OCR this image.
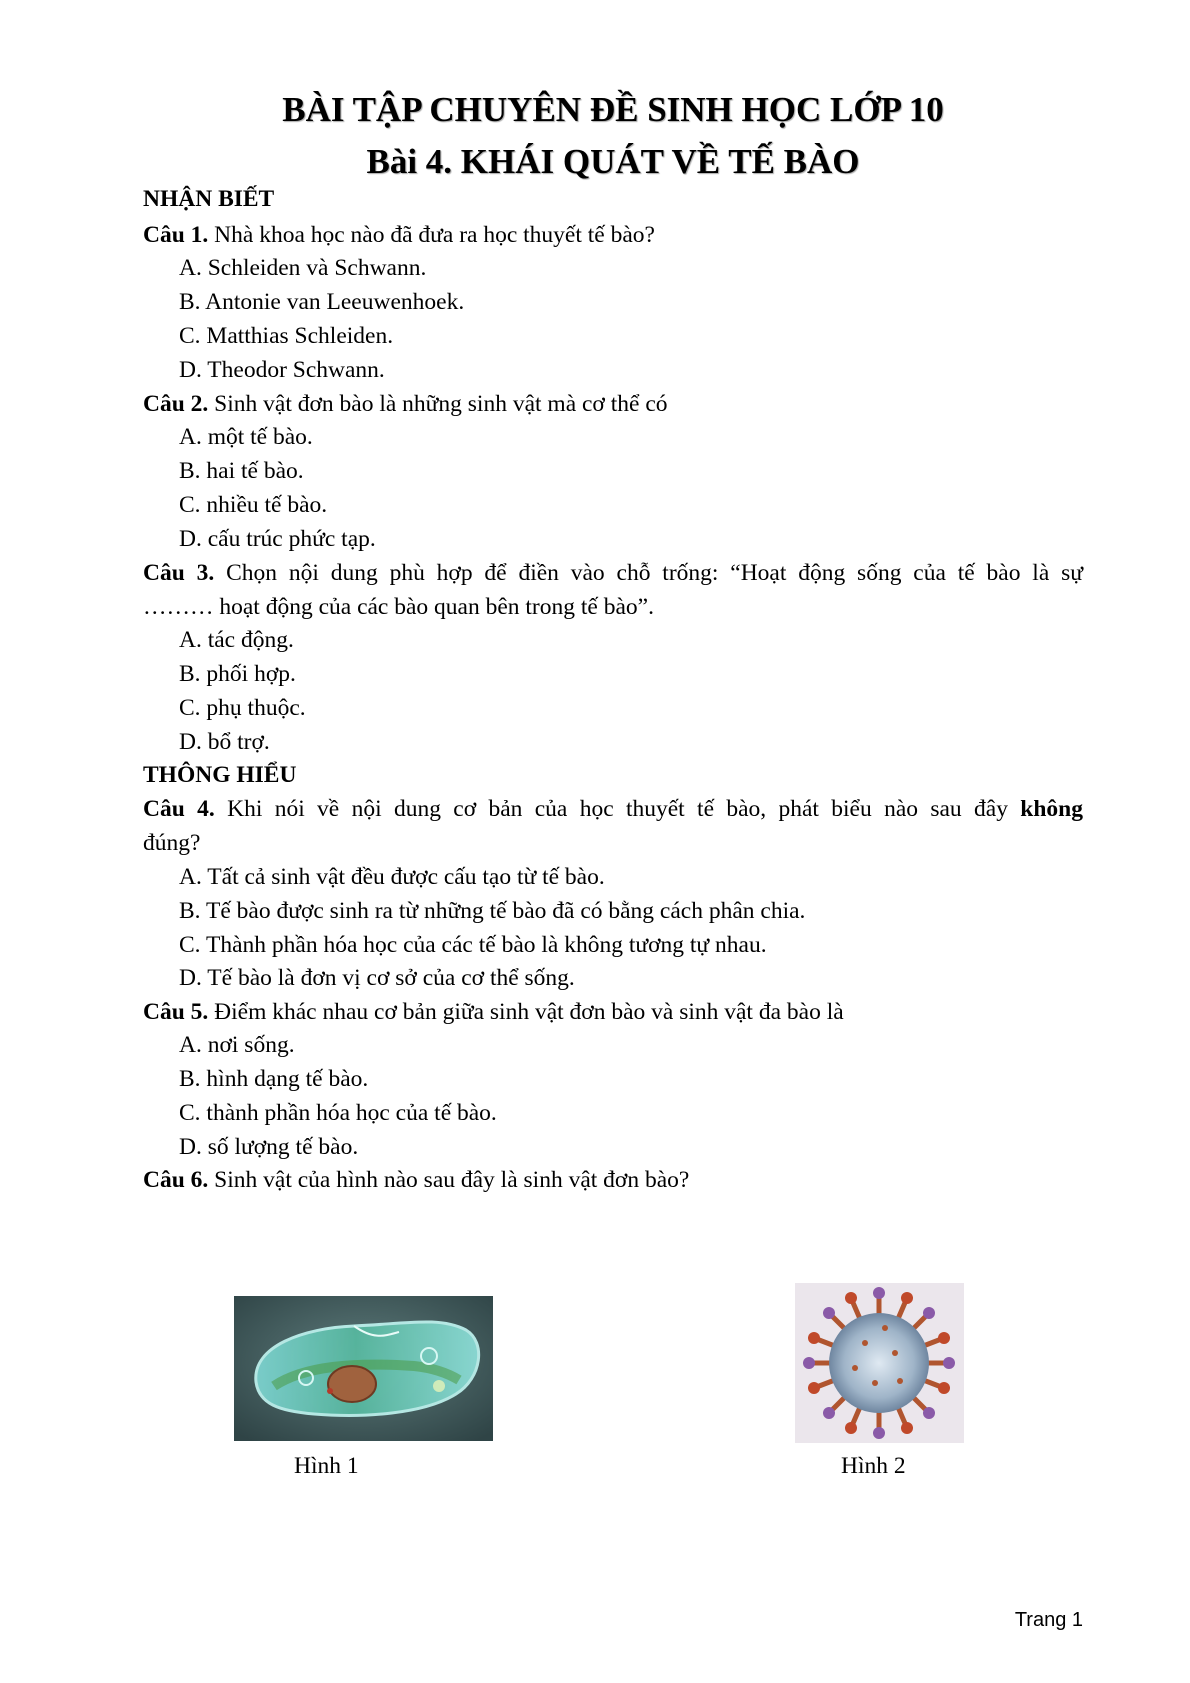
BÀI TẬP CHUYÊN ĐỀ SINH HỌC LỚP 10
Bài 4. KHÁI QUÁT VỀ TẾ BÀO
NHẬN BIẾT
Câu 1. Nhà khoa học nào đã đưa ra học thuyết tế bào?
A. Schleiden và Schwann.
B. Antonie van Leeuwenhoek.
C. Matthias Schleiden.
D. Theodor Schwann.
Câu 2. Sinh vật đơn bào là những sinh vật mà cơ thể có
A. một tế bào.
B. hai tế bào.
C. nhiều tế bào.
D. cấu trúc phức tạp.
Câu 3. Chọn nội dung phù hợp để điền vào chỗ trống: “Hoạt động sống của tế bào là sự
……… hoạt động của các bào quan bên trong tế bào”.
A. tác động.
B. phối hợp.
C. phụ thuộc.
D. bổ trợ.
THÔNG HIỂU
Câu 4. Khi nói về nội dung cơ bản của học thuyết tế bào, phát biểu nào sau đây không
đúng?
A. Tất cả sinh vật đều được cấu tạo từ tế bào.
B. Tế bào được sinh ra từ những tế bào đã có bằng cách phân chia.
C. Thành phần hóa học của các tế bào là không tương tự nhau.
D. Tế bào là đơn vị cơ sở của cơ thể sống.
Câu 5. Điểm khác nhau cơ bản giữa sinh vật đơn bào và sinh vật đa bào là
A. nơi sống.
B. hình dạng tế bào.
C. thành phần hóa học của tế bào.
D. số lượng tế bào.
Câu 6. Sinh vật của hình nào sau đây là sinh vật đơn bào?
Hình 1	Hình 2
Trang 1
